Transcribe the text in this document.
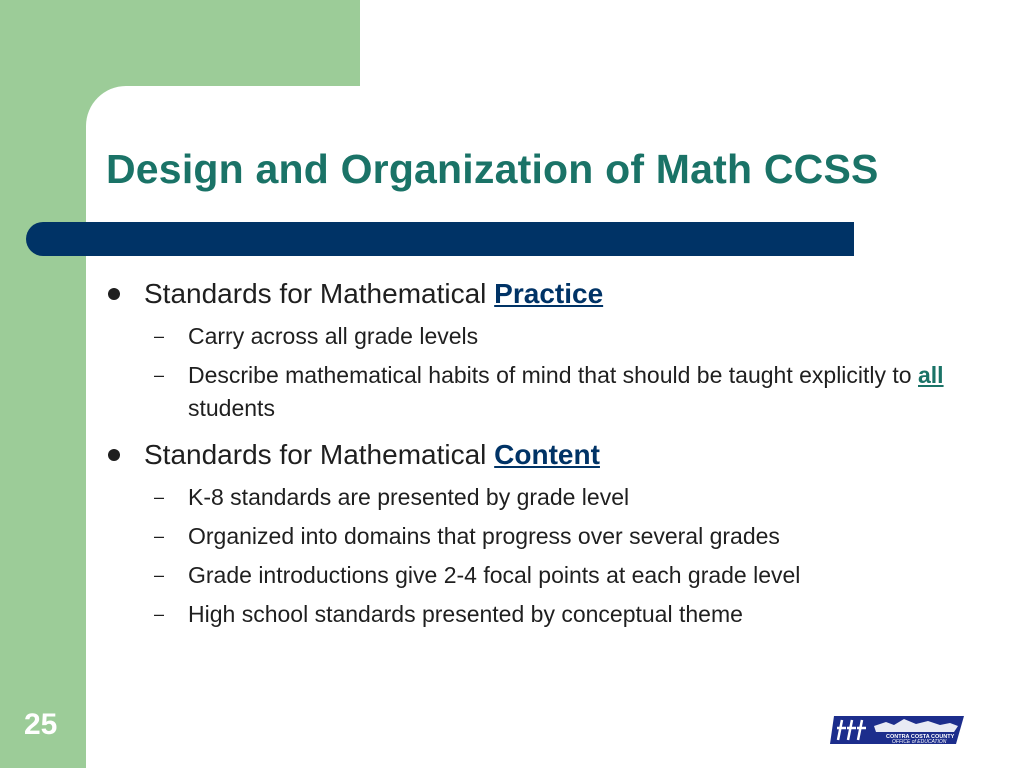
Design and Organization of Math CCSS
Standards for Mathematical Practice
– Carry across all grade levels
– Describe mathematical habits of mind that should be taught explicitly to all students
Standards for Mathematical Content
– K-8 standards are presented by grade level
– Organized into domains that progress over several grades
– Grade introductions give 2-4 focal points at each grade level
– High school standards presented by conceptual theme
25	CONTRA COSTA COUNTY
OFFICE of EDUCATION
